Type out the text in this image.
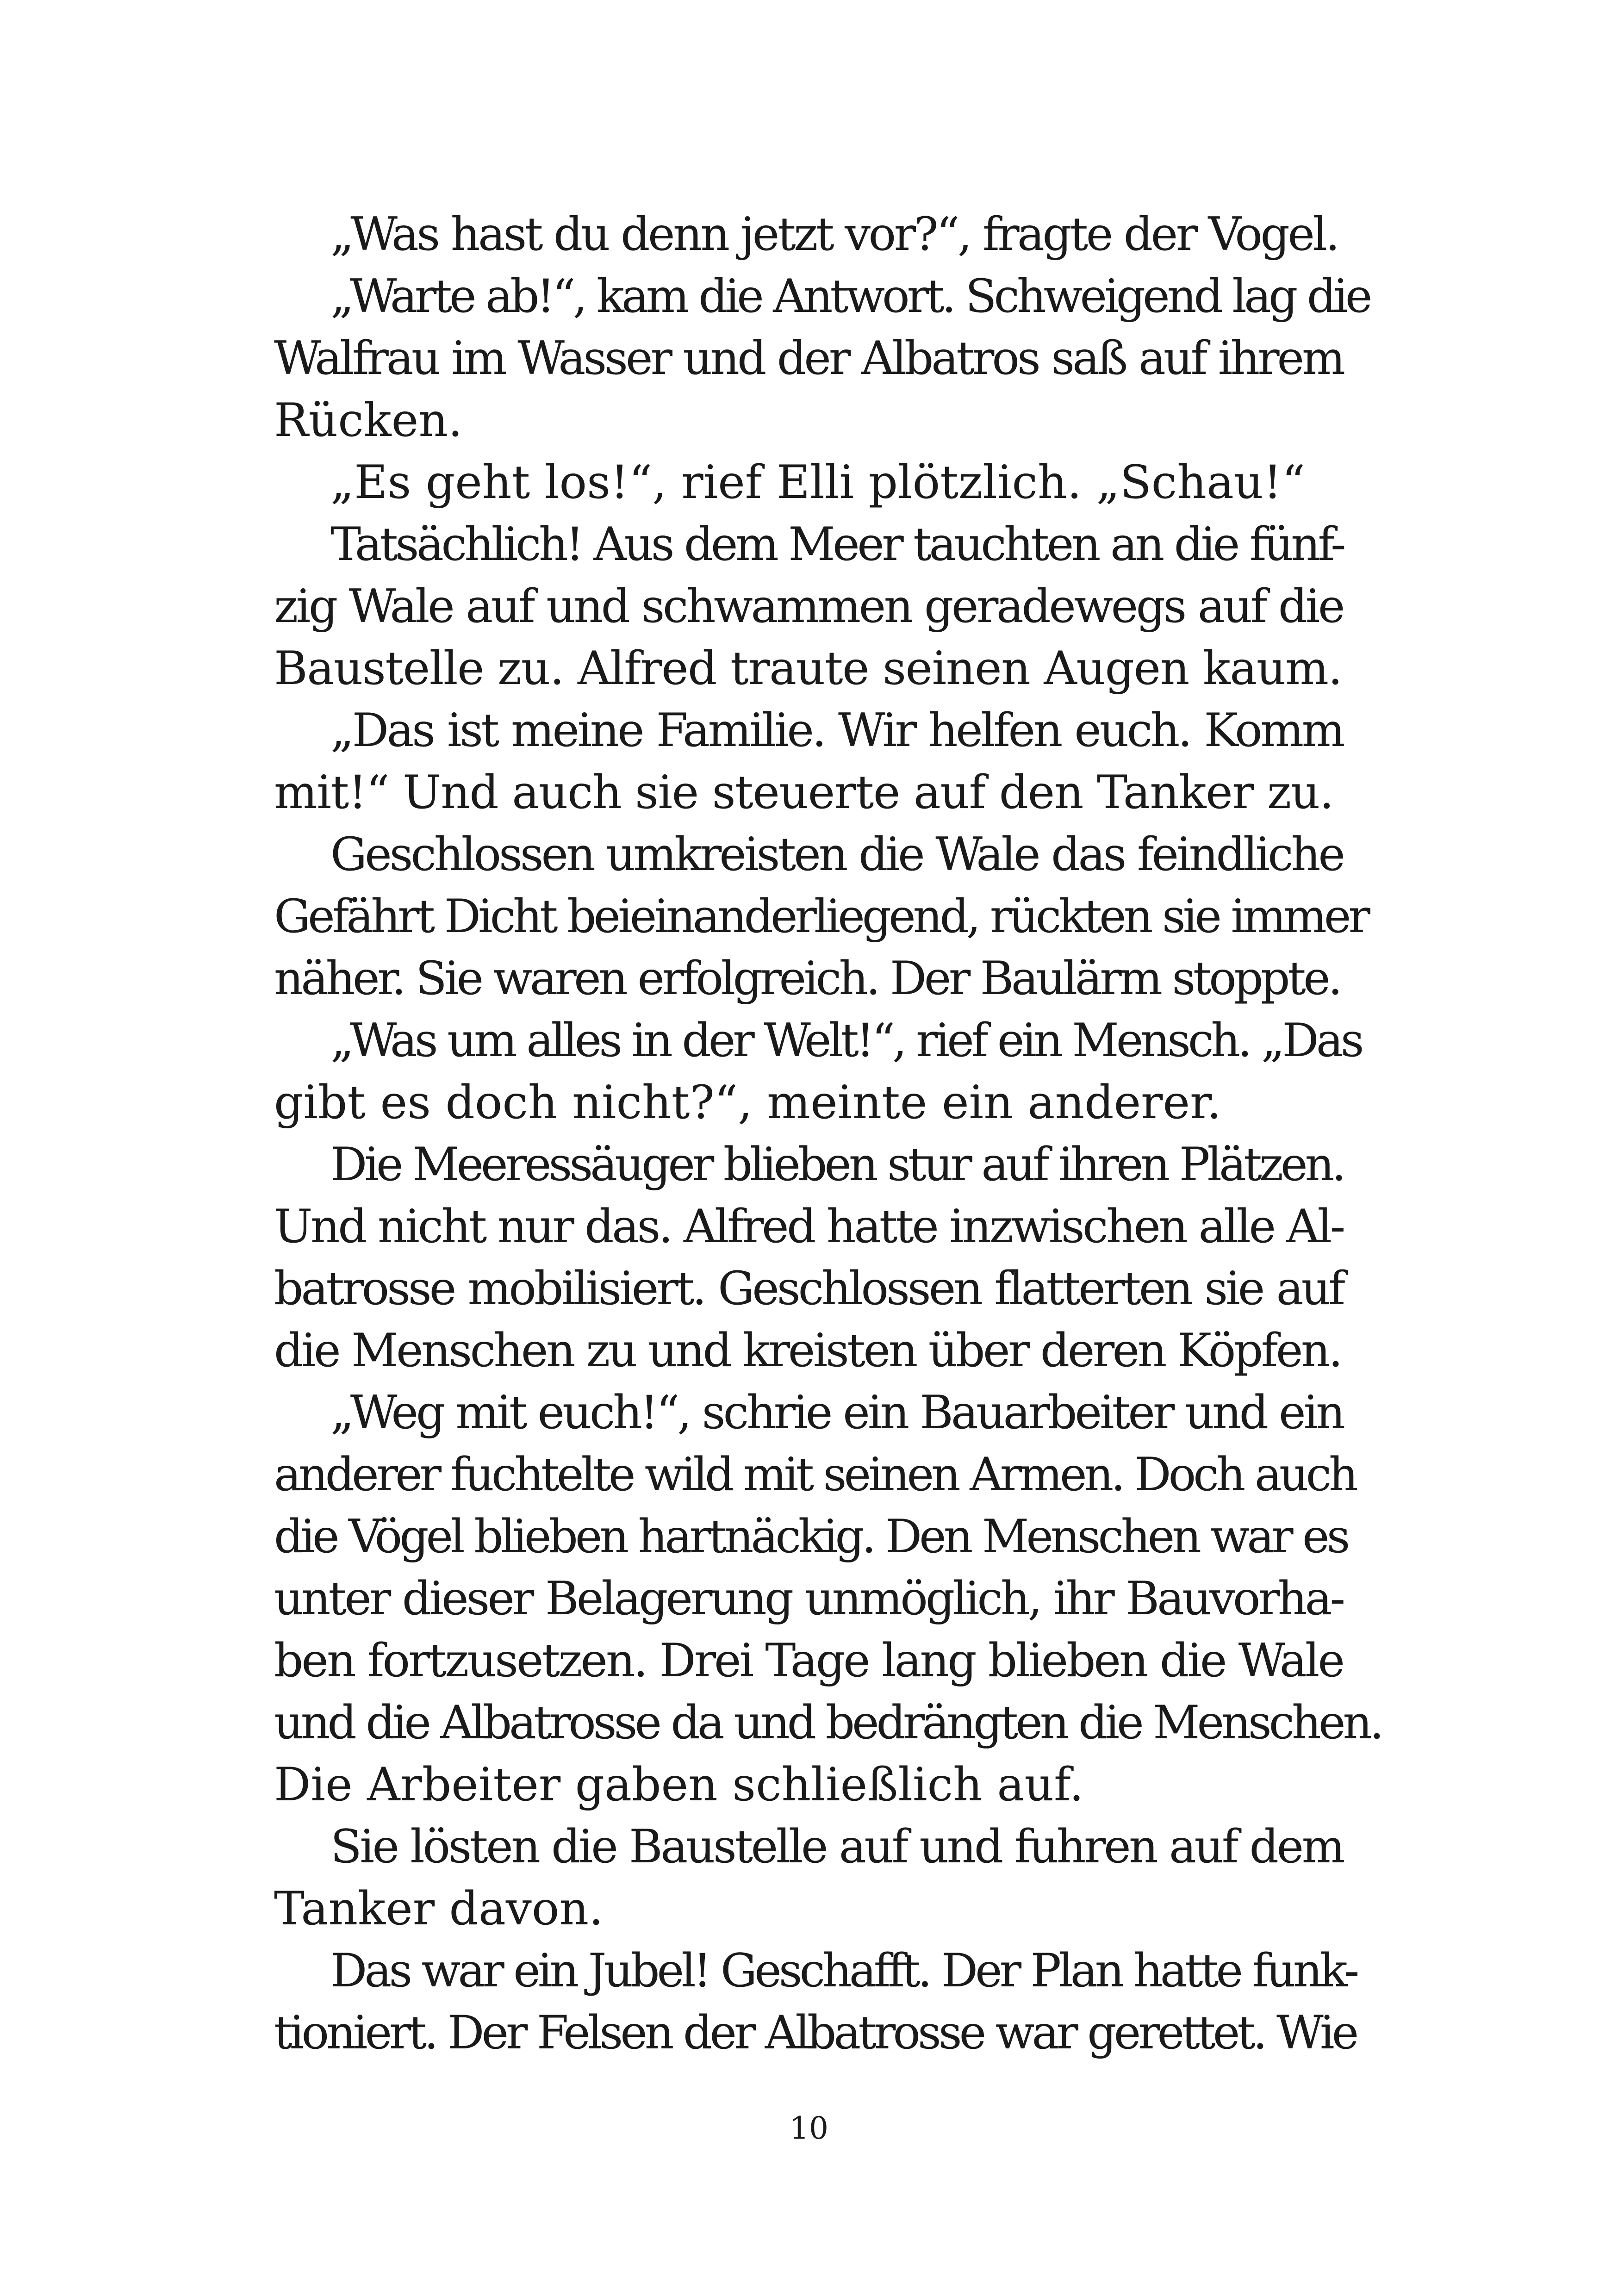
„Was hast du denn jetzt vor?“, fragte der Vogel.
„Warte ab!“, kam die Antwort. Schweigend lag die
Walfrau im Wasser und der Albatros saß auf ihrem
Rücken.
„Es geht los!“, rief Elli plötzlich. „Schau!“
Tatsächlich! Aus dem Meer tauchten an die fünf-
zig Wale auf und schwammen geradewegs auf die
Baustelle zu. Alfred traute seinen Augen kaum.
„Das ist meine Familie. Wir helfen euch. Komm
mit!“ Und auch sie steuerte auf den Tanker zu.
Geschlossen umkreisten die Wale das feindliche
Gefährt Dicht beieinanderliegend, rückten sie immer
näher. Sie waren erfolgreich. Der Baulärm stoppte.
„Was um alles in der Welt!“, rief ein Mensch. „Das
gibt es doch nicht?“, meinte ein anderer.
Die Meeressäuger blieben stur auf ihren Plätzen.
Und nicht nur das. Alfred hatte inzwischen alle Al-
batrosse mobilisiert. Geschlossen flatterten sie auf
die Menschen zu und kreisten über deren Köpfen.
„Weg mit euch!“, schrie ein Bauarbeiter und ein
anderer fuchtelte wild mit seinen Armen. Doch auch
die Vögel blieben hartnäckig. Den Menschen war es
unter dieser Belagerung unmöglich, ihr Bauvorha-
ben fortzusetzen. Drei Tage lang blieben die Wale
und die Albatrosse da und bedrängten die Menschen.
Die Arbeiter gaben schließlich auf.
Sie lösten die Baustelle auf und fuhren auf dem
Tanker davon.
Das war ein Jubel! Geschafft. Der Plan hatte funk-
tioniert. Der Felsen der Albatrosse war gerettet. Wie
10
